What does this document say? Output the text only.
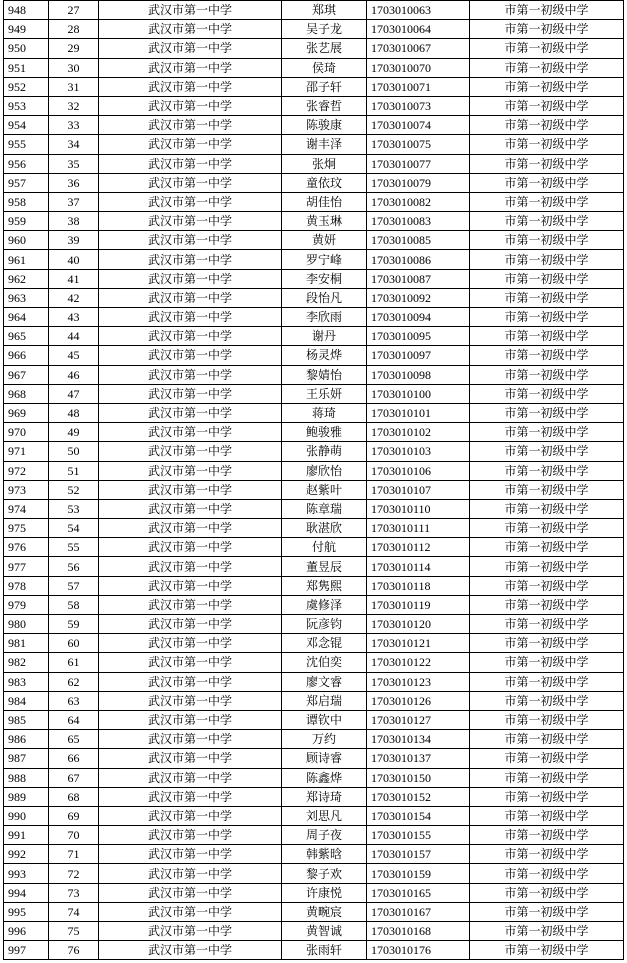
948	27	武汉市第一中学	郑琪	1703010063	市第一初级中学
949	28	武汉市第一中学	吴子龙	1703010064	市第一初级中学
950	29	武汉市第一中学	张艺展	1703010067	市第一初级中学
951	30	武汉市第一中学	侯琦	1703010070	市第一初级中学
952	31	武汉市第一中学	邵子轩	1703010071	市第一初级中学
953	32	武汉市第一中学	张睿哲	1703010073	市第一初级中学
954	33	武汉市第一中学	陈骏康	1703010074	市第一初级中学
955	34	武汉市第一中学	谢丰泽	1703010075	市第一初级中学
956	35	武汉市第一中学	张炯	1703010077	市第一初级中学
957	36	武汉市第一中学	童依玟	1703010079	市第一初级中学
958	37	武汉市第一中学	胡佳怡	1703010082	市第一初级中学
959	38	武汉市第一中学	黄玉琳	1703010083	市第一初级中学
960	39	武汉市第一中学	黄妍	1703010085	市第一初级中学
961	40	武汉市第一中学	罗宁峰	1703010086	市第一初级中学
962	41	武汉市第一中学	李安桐	1703010087	市第一初级中学
963	42	武汉市第一中学	段怡凡	1703010092	市第一初级中学
964	43	武汉市第一中学	李欣雨	1703010094	市第一初级中学
965	44	武汉市第一中学	谢丹	1703010095	市第一初级中学
966	45	武汉市第一中学	杨灵烨	1703010097	市第一初级中学
967	46	武汉市第一中学	黎婧怡	1703010098	市第一初级中学
968	47	武汉市第一中学	王乐妍	1703010100	市第一初级中学
969	48	武汉市第一中学	蒋琦	1703010101	市第一初级中学
970	49	武汉市第一中学	鲍骏雅	1703010102	市第一初级中学
971	50	武汉市第一中学	张静萌	1703010103	市第一初级中学
972	51	武汉市第一中学	廖欣怡	1703010106	市第一初级中学
973	52	武汉市第一中学	赵紫叶	1703010107	市第一初级中学
974	53	武汉市第一中学	陈章瑞	1703010110	市第一初级中学
975	54	武汉市第一中学	耿湛欣	1703010111	市第一初级中学
976	55	武汉市第一中学	付航	1703010112	市第一初级中学
977	56	武汉市第一中学	董昱辰	1703010114	市第一初级中学
978	57	武汉市第一中学	郑隽熙	1703010118	市第一初级中学
979	58	武汉市第一中学	虞修泽	1703010119	市第一初级中学
980	59	武汉市第一中学	阮彦钧	1703010120	市第一初级中学
981	60	武汉市第一中学	邓念锟	1703010121	市第一初级中学
982	61	武汉市第一中学	沈伯奕	1703010122	市第一初级中学
983	62	武汉市第一中学	廖文睿	1703010123	市第一初级中学
984	63	武汉市第一中学	郑启瑞	1703010126	市第一初级中学
985	64	武汉市第一中学	谭钦中	1703010127	市第一初级中学
986	65	武汉市第一中学	万约	1703010134	市第一初级中学
987	66	武汉市第一中学	顾诗睿	1703010137	市第一初级中学
988	67	武汉市第一中学	陈鑫烨	1703010150	市第一初级中学
989	68	武汉市第一中学	郑诗琦	1703010152	市第一初级中学
990	69	武汉市第一中学	刘思凡	1703010154	市第一初级中学
991	70	武汉市第一中学	周子夜	1703010155	市第一初级中学
992	71	武汉市第一中学	韩紫晗	1703010157	市第一初级中学
993	72	武汉市第一中学	黎子欢	1703010159	市第一初级中学
994	73	武汉市第一中学	许康悦	1703010165	市第一初级中学
995	74	武汉市第一中学	黄畹宸	1703010167	市第一初级中学
996	75	武汉市第一中学	黄智诚	1703010168	市第一初级中学
997	76	武汉市第一中学	张雨轩	1703010176	市第一初级中学
